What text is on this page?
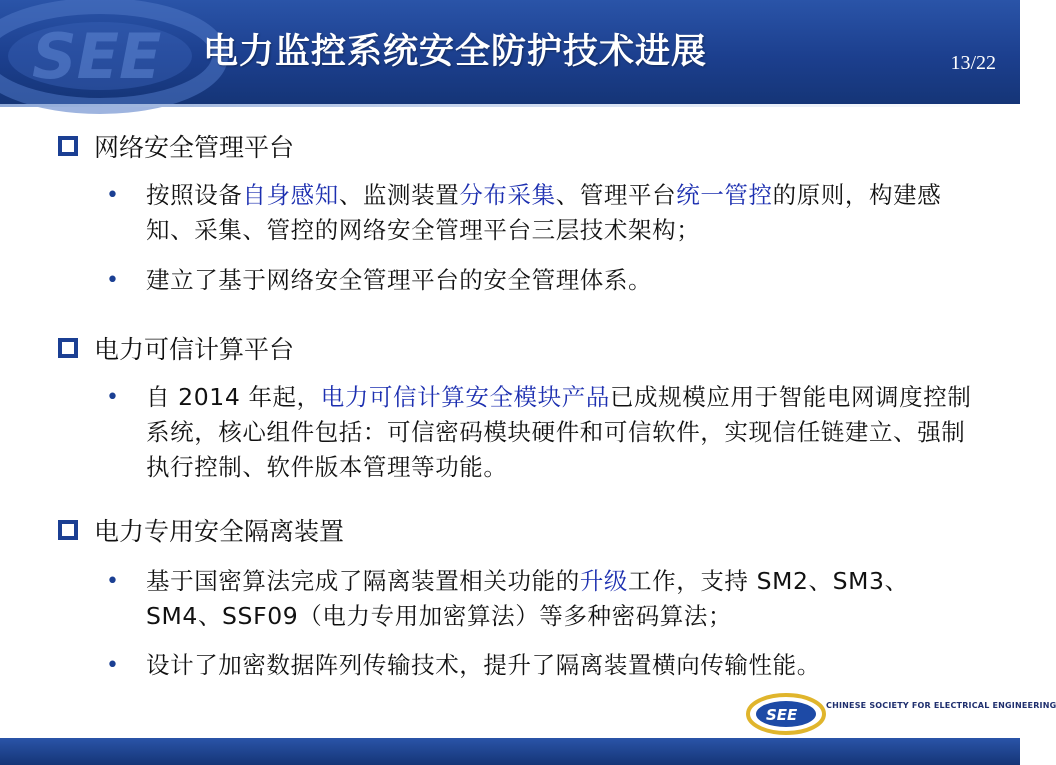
SEE 电力监控系统安全防护技术进展	13/22
网络安全管理平台
•	按照设备自身感知、监测装置分布采集、管理平台统一管控的原则，构建感知、采集、管控的网络安全管理平台三层技术架构；
•	建立了基于网络安全管理平台的安全管理体系。
电力可信计算平台
•	自 2014 年起，电力可信计算安全模块产品已成规模应用于智能电网调度控制系统，核心组件包括：可信密码模块硬件和可信软件，实现信任链建立、强制执行控制、软件版本管理等功能。
电力专用安全隔离装置
•	基于国密算法完成了隔离装置相关功能的升级工作，支持 SM2、SM3、SM4、SSF09（电力专用加密算法）等多种密码算法；
•	设计了加密数据阵列传输技术，提升了隔离装置横向传输性能。
SEE
CHINESE SOCIETY FOR ELECTRICAL ENGINEERING
